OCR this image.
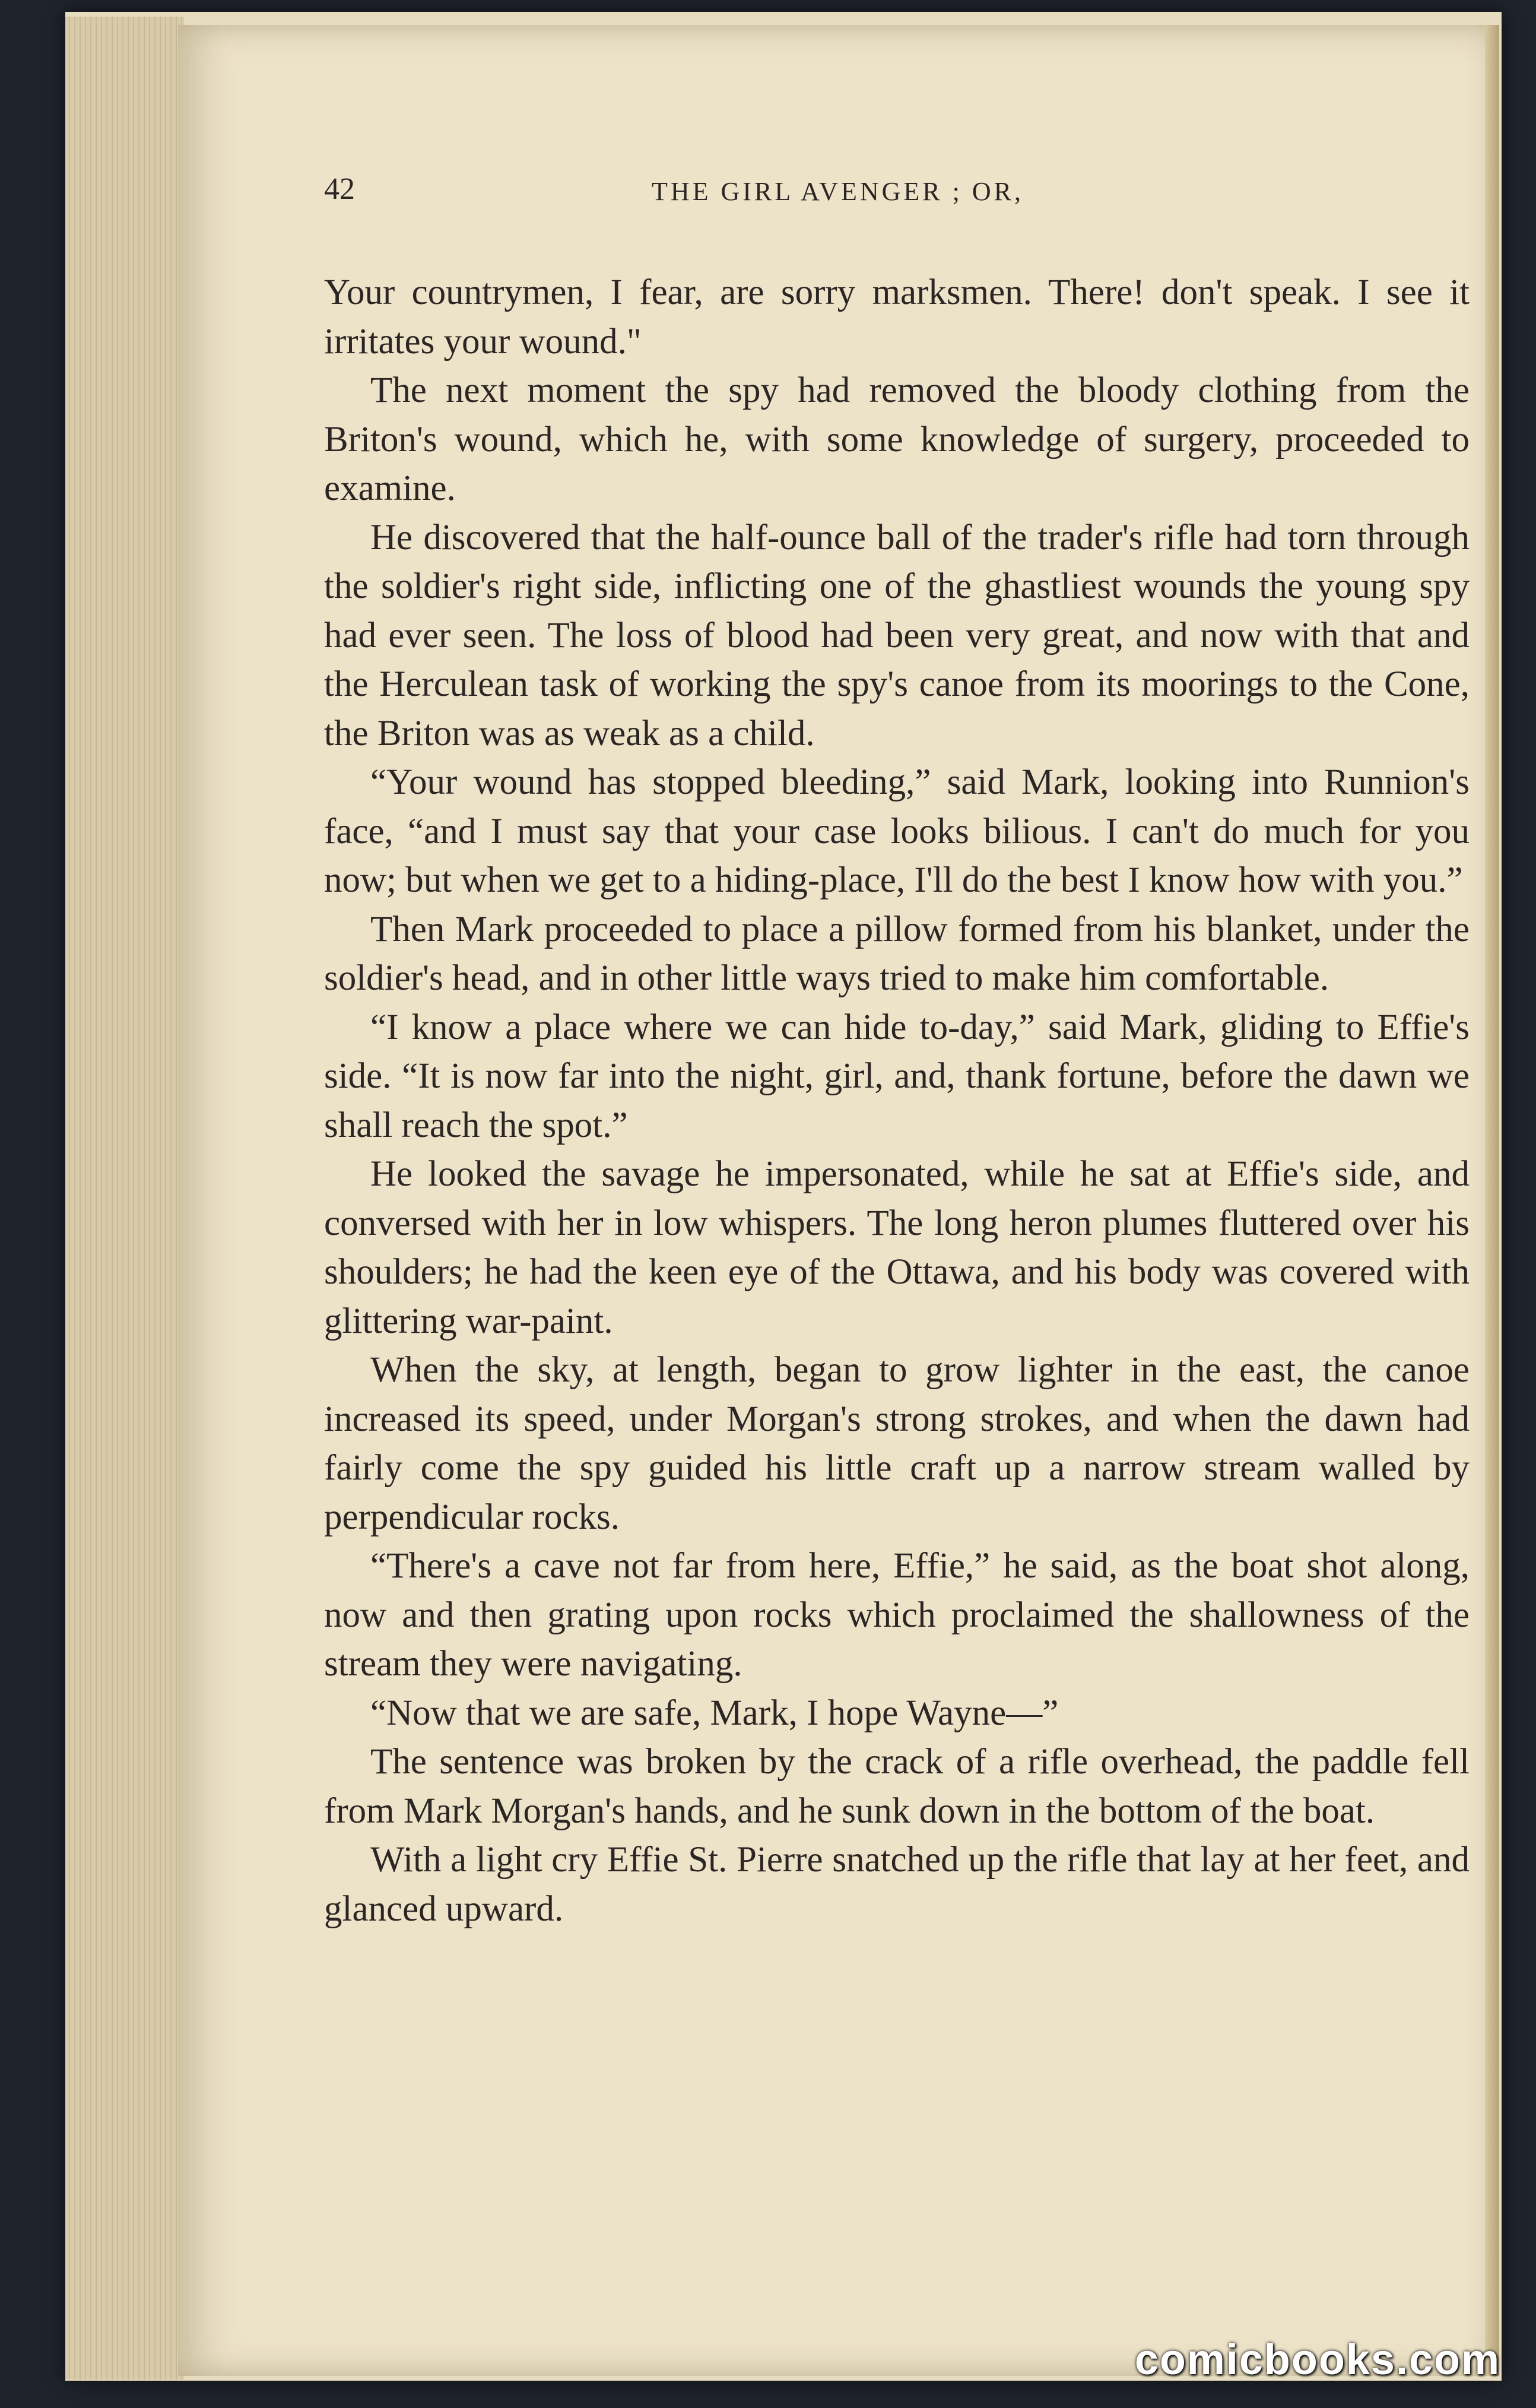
42	THE GIRL AVENGER ; OR,

Your countrymen, I fear, are sorry marksmen. There! don't speak. I see it irritates your wound."

The next moment the spy had removed the bloody clothing from the Briton's wound, which he, with some knowledge of surgery, proceeded to examine.

He discovered that the half-ounce ball of the trader's rifle had torn through the soldier's right side, inflicting one of the ghastliest wounds the young spy had ever seen. The loss of blood had been very great, and now with that and the Herculean task of working the spy's canoe from its moorings to the Cone, the Briton was as weak as a child.

“Your wound has stopped bleeding,” said Mark, looking into Runnion's face, “and I must say that your case looks bilious. I can't do much for you now; but when we get to a hiding-place, I'll do the best I know how with you.”

Then Mark proceeded to place a pillow formed from his blanket, under the soldier's head, and in other little ways tried to make him comfortable.

“I know a place where we can hide to-day,” said Mark, gliding to Effie's side. “It is now far into the night, girl, and, thank fortune, before the dawn we shall reach the spot.”

He looked the savage he impersonated, while he sat at Effie's side, and conversed with her in low whispers. The long heron plumes fluttered over his shoulders; he had the keen eye of the Ottawa, and his body was covered with glittering war-paint.

When the sky, at length, began to grow lighter in the east, the canoe increased its speed, under Morgan's strong strokes, and when the dawn had fairly come the spy guided his little craft up a narrow stream walled by perpendicular rocks.

“There's a cave not far from here, Effie,” he said, as the boat shot along, now and then grating upon rocks which proclaimed the shallowness of the stream they were navigating.

“Now that we are safe, Mark, I hope Wayne—”

The sentence was broken by the crack of a rifle overhead, the paddle fell from Mark Morgan's hands, and he sunk down in the bottom of the boat.

With a light cry Effie St. Pierre snatched up the rifle that lay at her feet, and glanced upward.

comicbooks.com
